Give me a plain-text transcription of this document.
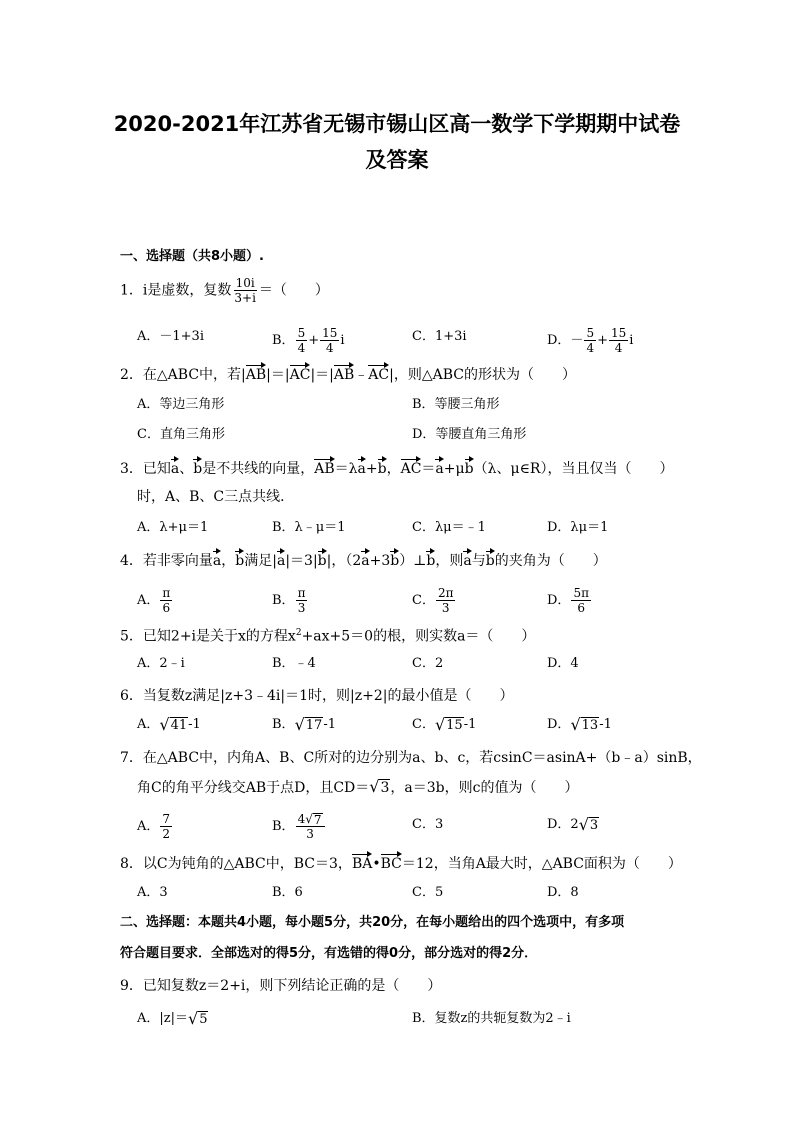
2020-2021年江苏省无锡市锡山区高一数学下学期期中试卷
及答案
一、选择题（共8小题）.
1．i是虚数，复数 $\frac{10i}{3+i}$ ＝（　　）
A．－1+3i	B． $\frac{5}{4} + \frac{15}{4}$ i	C．1+3i	D．－ $\frac{5}{4} + \frac{15}{4}$ i
2．在△ABC中，若|AB|＝|AC|＝|AB﹣AC|，则△ABC的形状为（　　）
A．等边三角形	B．等腰三角形
C．直角三角形	D．等腰直角三角形
3．已知a、b是不共线的向量，AB＝λa+b，AC＝a+μb（λ、μ∈R），当且仅当（　　）
时，A、B、C三点共线．
A．λ+μ＝1	B．λ﹣μ＝1	C．λμ＝﹣1	D．λμ＝1
4．若非零向量a，b满足|a|＝3|b|，（2a+3b）⊥b，则a与b的夹角为（　　）
A． $\frac{\pi}{6}$	B． $\frac{\pi}{3}$	C． $\frac{2\pi}{3}$	D． $\frac{5\pi}{6}$
5．已知2+i是关于x的方程$x^2+ax+5=0$的根，则实数a＝（　　）
A．2﹣i	B．﹣4	C．2	D．4
6．当复数z满足|z+3﹣4i|＝1时，则|z+2|的最小值是（　　）
A． √ 41 -1	B． √ 17 -1	C． √ 15 -1	D． √ 13 -1
7．在△ABC中，内角A、B、C所对的边分别为a、b、c，若csinC＝asinA+（b﹣a）sinB，
角C的角平分线交AB于点D，且CD＝ √ 3 ，a＝3b，则c的值为（　　）
A． $\frac{7}{2}$	B． $\frac{4 √ 7}{3}$	C．3	D．2 √ 3
8．以C为钝角的△ABC中，BC＝3，BA•BC＝12，当角A最大时，△ABC面积为（　　）
A．3	B．6	C．5	D．8
二、选择题：本题共4小题，每小题5分，共20分，在每小题给出的四个选项中，有多项
符合题目要求．全部选对的得5分，有选错的得0分，部分选对的得2分．
9．已知复数z＝2+i，则下列结论正确的是（　　）
A．|z|＝ √ 5	B．复数z的共轭复数为2﹣i
